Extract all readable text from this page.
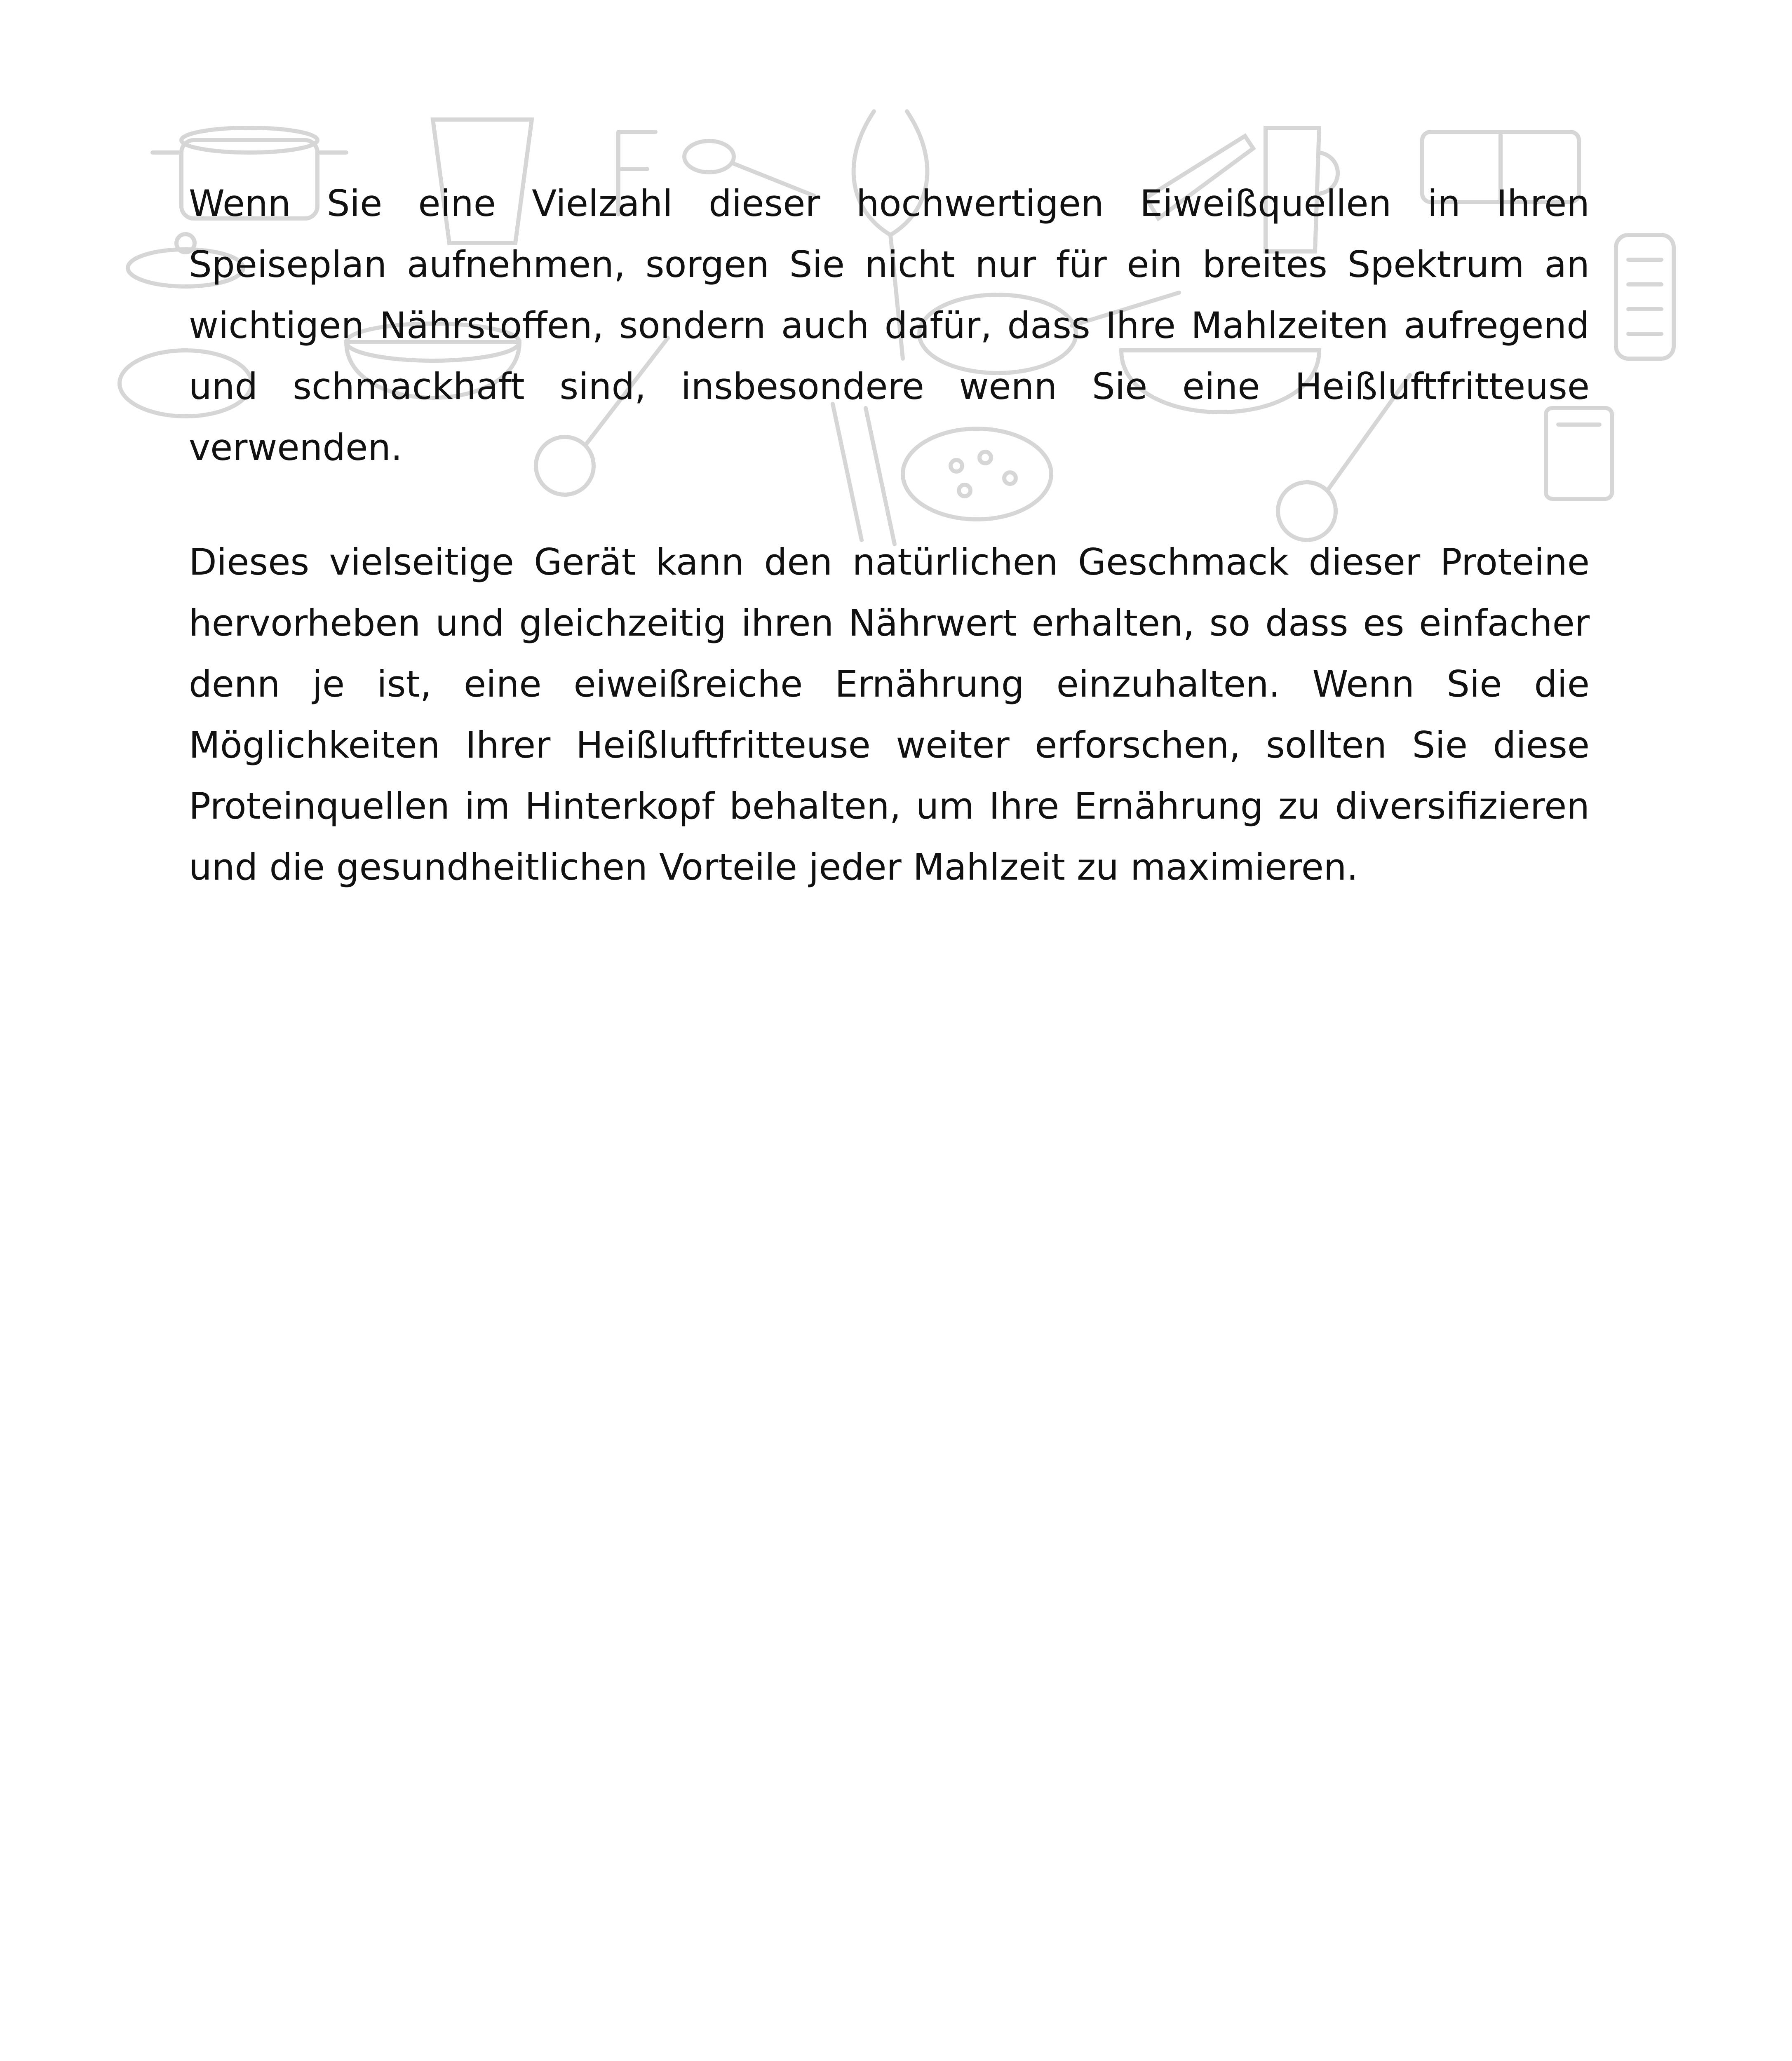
Wenn Sie eine Vielzahl dieser hochwertigen Eiweißquellen in Ihren Speiseplan aufnehmen, sorgen Sie nicht nur für ein breites Spektrum an wichtigen Nährstoffen, sondern auch dafür, dass Ihre Mahlzeiten aufregend und schmackhaft sind, insbesondere wenn Sie eine Heißluftfritteuse verwenden.

Dieses vielseitige Gerät kann den natürlichen Geschmack dieser Proteine hervorheben und gleichzeitig ihren Nährwert erhalten, so dass es einfacher denn je ist, eine eiweißreiche Ernährung einzuhalten. Wenn Sie die Möglichkeiten Ihrer Heißluftfritteuse weiter erforschen, sollten Sie diese Proteinquellen im Hinterkopf behalten, um Ihre Ernährung zu diversifizieren und die gesundheitlichen Vorteile jeder Mahlzeit zu maximieren.
